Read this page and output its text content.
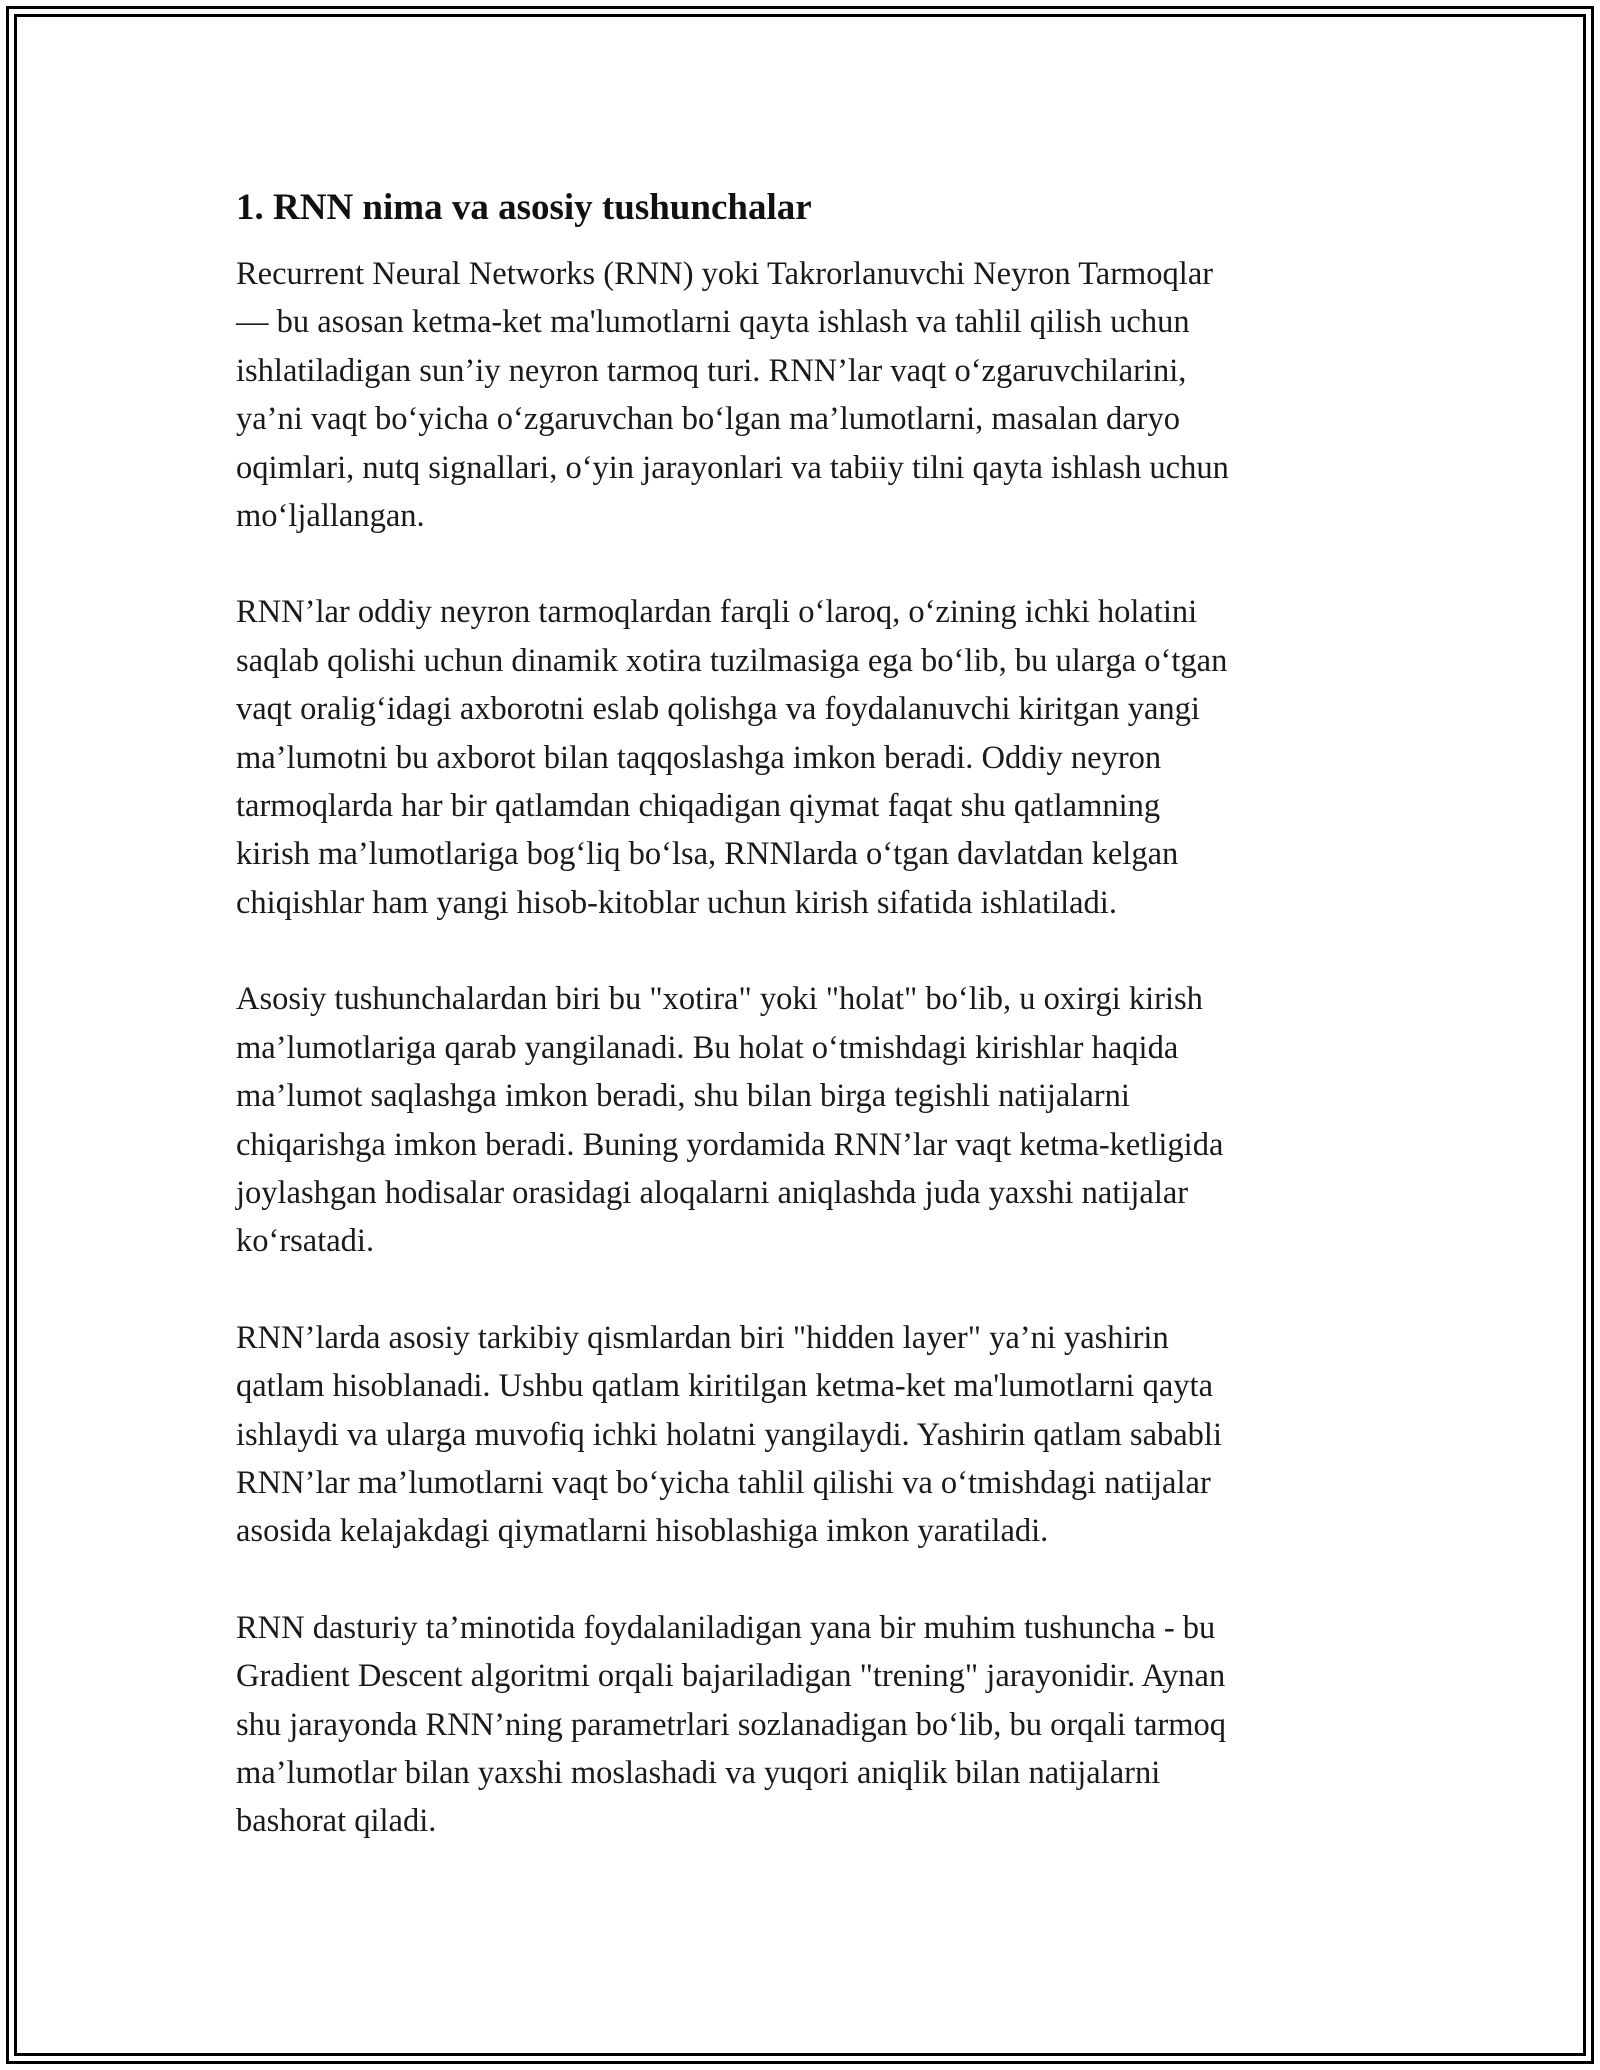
1. RNN nima va asosiy tushunchalar
Recurrent Neural Networks (RNN) yoki Takrorlanuvchi Neyron Tarmoqlar
— bu asosan ketma-ket ma'lumotlarni qayta ishlash va tahlil qilish uchun
ishlatiladigan sun’iy neyron tarmoq turi. RNN’lar vaqt o‘zgaruvchilarini,
ya’ni vaqt bo‘yicha o‘zgaruvchan bo‘lgan ma’lumotlarni, masalan daryo
oqimlari, nutq signallari, o‘yin jarayonlari va tabiiy tilni qayta ishlash uchun
mo‘ljallangan.
RNN’lar oddiy neyron tarmoqlardan farqli o‘laroq, o‘zining ichki holatini
saqlab qolishi uchun dinamik xotira tuzilmasiga ega bo‘lib, bu ularga o‘tgan
vaqt oralig‘idagi axborotni eslab qolishga va foydalanuvchi kiritgan yangi
ma’lumotni bu axborot bilan taqqoslashga imkon beradi. Oddiy neyron
tarmoqlarda har bir qatlamdan chiqadigan qiymat faqat shu qatlamning
kirish ma’lumotlariga bog‘liq bo‘lsa, RNNlarda o‘tgan davlatdan kelgan
chiqishlar ham yangi hisob-kitoblar uchun kirish sifatida ishlatiladi.
Asosiy tushunchalardan biri bu "xotira" yoki "holat" bo‘lib, u oxirgi kirish
ma’lumotlariga qarab yangilanadi. Bu holat o‘tmishdagi kirishlar haqida
ma’lumot saqlashga imkon beradi, shu bilan birga tegishli natijalarni
chiqarishga imkon beradi. Buning yordamida RNN’lar vaqt ketma-ketligida
joylashgan hodisalar orasidagi aloqalarni aniqlashda juda yaxshi natijalar
ko‘rsatadi.
RNN’larda asosiy tarkibiy qismlardan biri "hidden layer" ya’ni yashirin
qatlam hisoblanadi. Ushbu qatlam kiritilgan ketma-ket ma'lumotlarni qayta
ishlaydi va ularga muvofiq ichki holatni yangilaydi. Yashirin qatlam sababli
RNN’lar ma’lumotlarni vaqt bo‘yicha tahlil qilishi va o‘tmishdagi natijalar
asosida kelajakdagi qiymatlarni hisoblashiga imkon yaratiladi.
RNN dasturiy ta’minotida foydalaniladigan yana bir muhim tushuncha - bu
Gradient Descent algoritmi orqali bajariladigan "trening" jarayonidir. Aynan
shu jarayonda RNN’ning parametrlari sozlanadigan bo‘lib, bu orqali tarmoq
ma’lumotlar bilan yaxshi moslashadi va yuqori aniqlik bilan natijalarni
bashorat qiladi.
